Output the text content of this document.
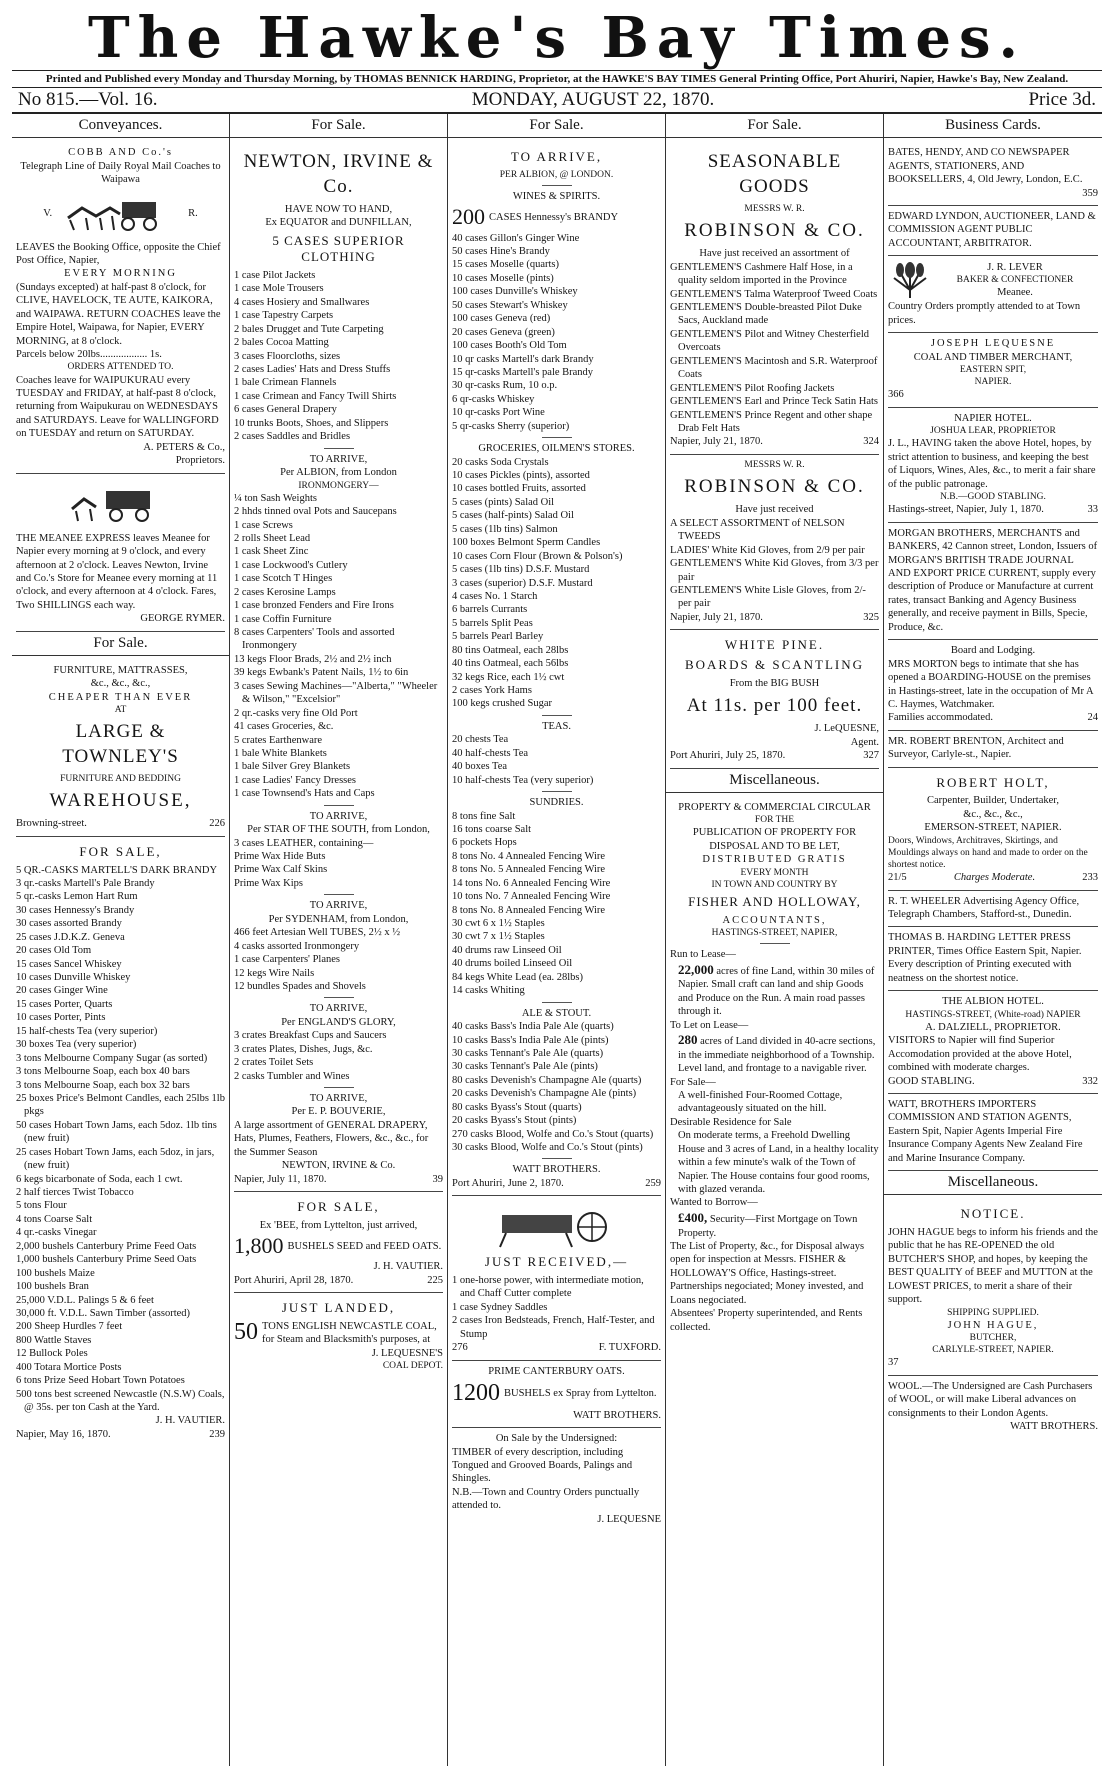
The Hawke's Bay Times.
Printed and Published every Monday and Thursday Morning, by THOMAS BENNICK HARDING, Proprietor, at the HAWKE'S BAY TIMES General Printing Office, Port Ahuriri, Napier, Hawke's Bay, New Zealand.
No 815.—Vol. 16.	MONDAY, AUGUST 22, 1870.	Price 3d.
Conveyances.
COBB AND Co.'s
Telegraph Line of Daily Royal Mail Coaches to Waipawa
V.	R.

LEAVES the Booking Office, opposite the Chief Post Office, Napier,

EVERY MORNING

(Sundays excepted) at half-past 8 o'clock, for CLIVE, HAVELOCK, TE AUTE, KAIKORA, and WAIPAWA. RETURN COACHES leave the Empire Hotel, Waipawa, for Napier, EVERY MORNING, at 8 o'clock.

Parcels below 20lbs.................. 1s.

ORDERS ATTENDED TO.

Coaches leave for WAIPUKURAU every TUESDAY and FRIDAY, at half-past 8 o'clock, returning from Waipukurau on WEDNESDAYS and SATURDAYS. Leave for WALLINGFORD on TUESDAY and return on SATURDAY.

A. PETERS & Co.,
Proprietors.

THE MEANEE EXPRESS leaves Meanee for Napier every morning at 9 o'clock, and every afternoon at 2 o'clock. Leaves Newton, Irvine and Co.'s Store for Meanee every morning at 11 o'clock, and every afternoon at 4 o'clock. Fares, Two SHILLINGS each way.

GEORGE RYMER.
For Sale.
FURNITURE, MATTRASSES,
&c., &c., &c.,
CHEAPER THAN EVER
AT
LARGE & TOWNLEY'S
FURNITURE AND BEDDING
WAREHOUSE,
Browning-street.	226
FOR SALE,
5 QR.-CASKS MARTELL'S DARK BRANDY
3 qr.-casks Martell's Pale Brandy
5 qr.-casks Lemon Hart Rum
30 cases Hennessy's Brandy
30 cases assorted Brandy
25 cases J.D.K.Z. Geneva
20 cases Old Tom
15 cases Sancel Whiskey
10 cases Dunville Whiskey
20 cases Ginger Wine
15 cases Porter, Quarts
10 cases Porter, Pints
15 half-chests Tea (very superior)
30 boxes Tea (very superior)
3 tons Melbourne Company Sugar (as sorted)
3 tons Melbourne Soap, each box 40 bars
3 tons Melbourne Soap, each box 32 bars
25 boxes Price's Belmont Candles, each 25lbs 1lb pkgs
50 cases Hobart Town Jams, each 5doz. 1lb tins (new fruit)
25 cases Hobart Town Jams, each 5doz, in jars, (new fruit)
6 kegs bicarbonate of Soda, each 1 cwt.
2 half tierces Twist Tobacco
5 tons Flour
4 tons Coarse Salt
4 qr.-casks Vinegar
2,000 bushels Canterbury Prime Feed Oats
1,000 bushels Canterbury Prime Seed Oats
100 bushels Maize
100 bushels Bran
25,000 V.D.L. Palings 5 & 6 feet
30,000 ft. V.D.L. Sawn Timber (assorted)
200 Sheep Hurdles 7 feet
800 Wattle Staves
12 Bullock Poles
400 Totara Mortice Posts
6 tons Prize Seed Hobart Town Potatoes
500 tons best screened Newcastle (N.S.W) Coals, @ 35s. per ton Cash at the Yard.
J. H. VAUTIER.
Napier, May 16, 1870.	239
For Sale.
NEWTON, IRVINE & Co.
HAVE NOW TO HAND,
Ex EQUATOR and DUNFILLAN,
5 CASES SUPERIOR CLOTHING
1 case Pilot Jackets
1 case Mole Trousers
4 cases Hosiery and Smallwares
1 case Tapestry Carpets
2 bales Drugget and Tute Carpeting
2 bales Cocoa Matting
3 cases Floorcloths, sizes
2 cases Ladies' Hats and Dress Stuffs
1 bale Crimean Flannels
1 case Crimean and Fancy Twill Shirts
6 cases General Drapery
10 trunks Boots, Shoes, and Slippers
2 cases Saddles and Bridles
TO ARRIVE,
Per ALBION, from London
IRONMONGERY—
¼ ton Sash Weights
2 hhds tinned oval Pots and Saucepans
1 case Screws
2 rolls Sheet Lead
1 cask Sheet Zinc
1 case Lockwood's Cutlery
1 case Scotch T Hinges
2 cases Kerosine Lamps
1 case bronzed Fenders and Fire Irons
1 case Coffin Furniture
8 cases Carpenters' Tools and assorted Ironmongery
13 kegs Floor Brads, 2½ and 2½ inch
39 kegs Ewbank's Patent Nails, 1½ to 6in
3 cases Sewing Machines—"Alberta," "Wheeler & Wilson," "Excelsior"
2 qr.-casks very fine Old Port
41 cases Groceries, &c.
5 crates Earthenware
1 bale White Blankets
1 bale Silver Grey Blankets
1 case Ladies' Fancy Dresses
1 case Townsend's Hats and Caps
TO ARRIVE,
Per STAR OF THE SOUTH, from London,
3 cases LEATHER, containing—
Prime Wax Hide Buts
Prime Wax Calf Skins
Prime Wax Kips
TO ARRIVE,
Per SYDENHAM, from London,
466 feet Artesian Well TUBES, 2½ x ½
4 casks assorted Ironmongery
1 case Carpenters' Planes
12 kegs Wire Nails
12 bundles Spades and Shovels
TO ARRIVE,
Per ENGLAND'S GLORY,
3 crates Breakfast Cups and Saucers
3 crates Plates, Dishes, Jugs, &c.
2 crates Toilet Sets
2 casks Tumbler and Wines
TO ARRIVE,
Per E. P. BOUVERIE,

A large assortment of GENERAL DRAPERY, Hats, Plumes, Feathers, Flowers, &c., &c., for the Summer Season

NEWTON, IRVINE & Co.
Napier, July 11, 1870.	39
FOR SALE,
Ex 'BEE, from Lyttelton, just arrived,
1,800 BUSHELS SEED and FEED OATS.
J. H. VAUTIER.
Port Ahuriri, April 28, 1870.	225
JUST LANDED,
50 TONS ENGLISH NEWCASTLE COAL, for Steam and Blacksmith's purposes, at
J. LEQUESNE'S
COAL DEPOT.
For Sale.
TO ARRIVE,
PER ALBION, @ LONDON.
WINES & SPIRITS.
200 CASES Hennessy's BRANDY
40 cases Gillon's Ginger Wine
50 cases Hine's Brandy
15 cases Moselle (quarts)
10 cases Moselle (pints)
100 cases Dunville's Whiskey
50 cases Stewart's Whiskey
100 cases Geneva (red)
20 cases Geneva (green)
100 cases Booth's Old Tom
10 qr casks Martell's dark Brandy
15 qr-casks Martell's pale Brandy
30 qr-casks Rum, 10 o.p.
6 qr-casks Whiskey
10 qr-casks Port Wine
5 qr-casks Sherry (superior)
GROCERIES, OILMEN'S STORES.
20 casks Soda Crystals
10 cases Pickles (pints), assorted
10 cases bottled Fruits, assorted
5 cases (pints) Salad Oil
5 cases (half-pints) Salad Oil
5 cases (1lb tins) Salmon
100 boxes Belmont Sperm Candles
10 cases Corn Flour (Brown & Polson's)
5 cases (1lb tins) D.S.F. Mustard
3 cases (superior) D.S.F. Mustard
4 cases No. 1 Starch
6 barrels Currants
5 barrels Split Peas
5 barrels Pearl Barley
80 tins Oatmeal, each 28lbs
40 tins Oatmeal, each 56lbs
32 kegs Rice, each 1½ cwt
2 cases York Hams
100 kegs crushed Sugar
TEAS.
20 chests Tea
40 half-chests Tea
40 boxes Tea
10 half-chests Tea (very superior)
SUNDRIES.
8 tons fine Salt
16 tons coarse Salt
6 pockets Hops
8 tons No. 4 Annealed Fencing Wire
8 tons No. 5 Annealed Fencing Wire
14 tons No. 6 Annealed Fencing Wire
10 tons No. 7 Annealed Fencing Wire
8 tons No. 8 Annealed Fencing Wire
30 cwt 6 x 1½ Staples
30 cwt 7 x 1½ Staples
40 drums raw Linseed Oil
40 drums boiled Linseed Oil
84 kegs White Lead (ea. 28lbs)
14 casks Whiting
ALE & STOUT.
40 casks Bass's India Pale Ale (quarts)
10 casks Bass's India Pale Ale (pints)
30 casks Tennant's Pale Ale (quarts)
30 casks Tennant's Pale Ale (pints)
80 casks Devenish's Champagne Ale (quarts)
20 casks Devenish's Champagne Ale (pints)
80 casks Byass's Stout (quarts)
20 casks Byass's Stout (pints)
270 casks Blood, Wolfe and Co.'s Stout (quarts)
30 casks Blood, Wolfe and Co.'s Stout (pints)
WATT BROTHERS.
Port Ahuriri, June 2, 1870.	259
JUST RECEIVED,—
1 one-horse power, with intermediate motion, and Chaff Cutter complete
1 case Sydney Saddles
2 cases Iron Bedsteads, French, Half-Tester, and Stump
276	F. TUXFORD.
PRIME CANTERBURY OATS.
1200 BUSHELS ex Spray from Lyttelton.
WATT BROTHERS.
On Sale by the Undersigned:

TIMBER of every description, including Tongued and Grooved Boards, Palings and Shingles.

N.B.—Town and Country Orders punctually attended to.

J. LEQUESNE
For Sale.
SEASONABLE GOODS
MESSRS W. R.
ROBINSON & CO.
Have just received an assortment of
GENTLEMEN'S Cashmere Half Hose, in a quality seldom imported in the Province
GENTLEMEN'S Talma Waterproof Tweed Coats
GENTLEMEN'S Double-breasted Pilot Duke Sacs, Auckland made
GENTLEMEN'S Pilot and Witney Chesterfield Overcoats
GENTLEMEN'S Macintosh and S.R. Waterproof Coats
GENTLEMEN'S Pilot Roofing Jackets
GENTLEMEN'S Earl and Prince Teck Satin Hats
GENTLEMEN'S Prince Regent and other shape Drab Felt Hats
Napier, July 21, 1870.	324
MESSRS W. R.
ROBINSON & CO.
Have just received
A SELECT ASSORTMENT of NELSON TWEEDS
LADIES' White Kid Gloves, from 2/9 per pair
GENTLEMEN'S White Kid Gloves, from 3/3 per pair
GENTLEMEN'S White Lisle Gloves, from 2/- per pair
Napier, July 21, 1870.	325
WHITE PINE.
BOARDS & SCANTLING
From the BIG BUSH
At 11s. per 100 feet.
J. LeQUESNE,
Agent.
Port Ahuriri, July 25, 1870.	327
Miscellaneous.
PROPERTY & COMMERCIAL CIRCULAR
FOR THE
PUBLICATION OF PROPERTY FOR DISPOSAL AND TO BE LET,
DISTRIBUTED GRATIS
EVERY MONTH
IN TOWN AND COUNTRY BY
FISHER AND HOLLOWAY,
ACCOUNTANTS,
HASTINGS-STREET, NAPIER,
Run to Lease—

22,000 acres of fine Land, within 30 miles of Napier. Small craft can land and ship Goods and Produce on the Run. A main road passes through it.

To Let on Lease—

280 acres of Land divided in 40-acre sections, in the immediate neighborhood of a Township. Level land, and frontage to a navigable river.

For Sale—

A well-finished Four-Roomed Cottage, advantageously situated on the hill.

Desirable Residence for Sale

On moderate terms, a Freehold Dwelling House and 3 acres of Land, in a healthy locality within a few minute's walk of the Town of Napier. The House contains four good rooms, with glazed veranda.

Wanted to Borrow—

£400, Security—First Mortgage on Town Property.

The List of Property, &c., for Disposal always open for inspection at Messrs. FISHER & HOLLOWAY'S Office, Hastings-street.

Partnerships negociated; Money invested, and Loans negociated.

Absentees' Property superintended, and Rents collected.

Business Cards.

BATES, HENDY, AND CO NEWSPAPER AGENTS, STATIONERS, AND BOOKSELLERS, 4, Old Jewry, London, E.C.

359

EDWARD LYNDON, AUCTIONEER, LAND & COMMISSION AGENT PUBLIC ACCOUNTANT, ARBITRATOR.

J. R. LEVER
BAKER & CONFECTIONER
Meanee.

Country Orders promptly attended to at Town prices.

JOSEPH LEQUESNE
COAL AND TIMBER MERCHANT,
EASTERN SPIT,
NAPIER.
366
NAPIER HOTEL.
JOSHUA LEAR, PROPRIETOR

J. L., HAVING taken the above Hotel, hopes, by strict attention to business, and keeping the best of Liquors, Wines, Ales, &c., to merit a fair share of the public patronage.

N.B.—GOOD STABLING.
Hastings-street, Napier, July 1, 1870.	33

MORGAN BROTHERS, MERCHANTS and BANKERS, 42 Cannon street, London, Issuers of MORGAN'S BRITISH TRADE JOURNAL AND EXPORT PRICE CURRENT, supply every description of Produce or Manufacture at current rates, transact Banking and Agency Business generally, and receive payment in Bills, Specie, Produce, &c.

Board and Lodging.

MRS MORTON begs to intimate that she has opened a BOARDING-HOUSE on the premises in Hastings-street, late in the occupation of Mr A C. Haymes, Watchmaker.

Families accommodated.	24

MR. ROBERT BRENTON, Architect and Surveyor, Carlyle-st., Napier.

ROBERT HOLT,
Carpenter, Builder, Undertaker,
&c., &c., &c.,
EMERSON-STREET, NAPIER.

Doors, Windows, Architraves, Skirtings, and Mouldings always on hand and made to order on the shortest notice.

21/5	Charges Moderate.	233

R. T. WHEELER Advertising Agency Office, Telegraph Chambers, Stafford-st., Dunedin.

THOMAS B. HARDING LETTER PRESS PRINTER, Times Office Eastern Spit, Napier. Every description of Printing executed with neatness on the shortest notice.

THE ALBION HOTEL.
HASTINGS-STREET, (White-road) NAPIER
A. DALZIELL, PROPRIETOR.

VISITORS to Napier will find Superior Accomodation provided at the above Hotel, combined with moderate charges.

GOOD STABLING.	332

WATT, BROTHERS IMPORTERS COMMISSION AND STATION AGENTS, Eastern Spit, Napier Agents Imperial Fire Insurance Company Agents New Zealand Fire and Marine Insurance Company.

Miscellaneous.
NOTICE.

JOHN HAGUE begs to inform his friends and the public that he has RE-OPENED the old BUTCHER'S SHOP, and hopes, by keeping the BEST QUALITY of BEEF and MUTTON at the LOWEST PRICES, to merit a share of their support.

SHIPPING SUPPLIED.
JOHN HAGUE,
BUTCHER,
CARLYLE-STREET, NAPIER.
37

WOOL.—The Undersigned are Cash Purchasers of WOOL, or will make Liberal advances on consignments to their London Agents.

WATT BROTHERS.
